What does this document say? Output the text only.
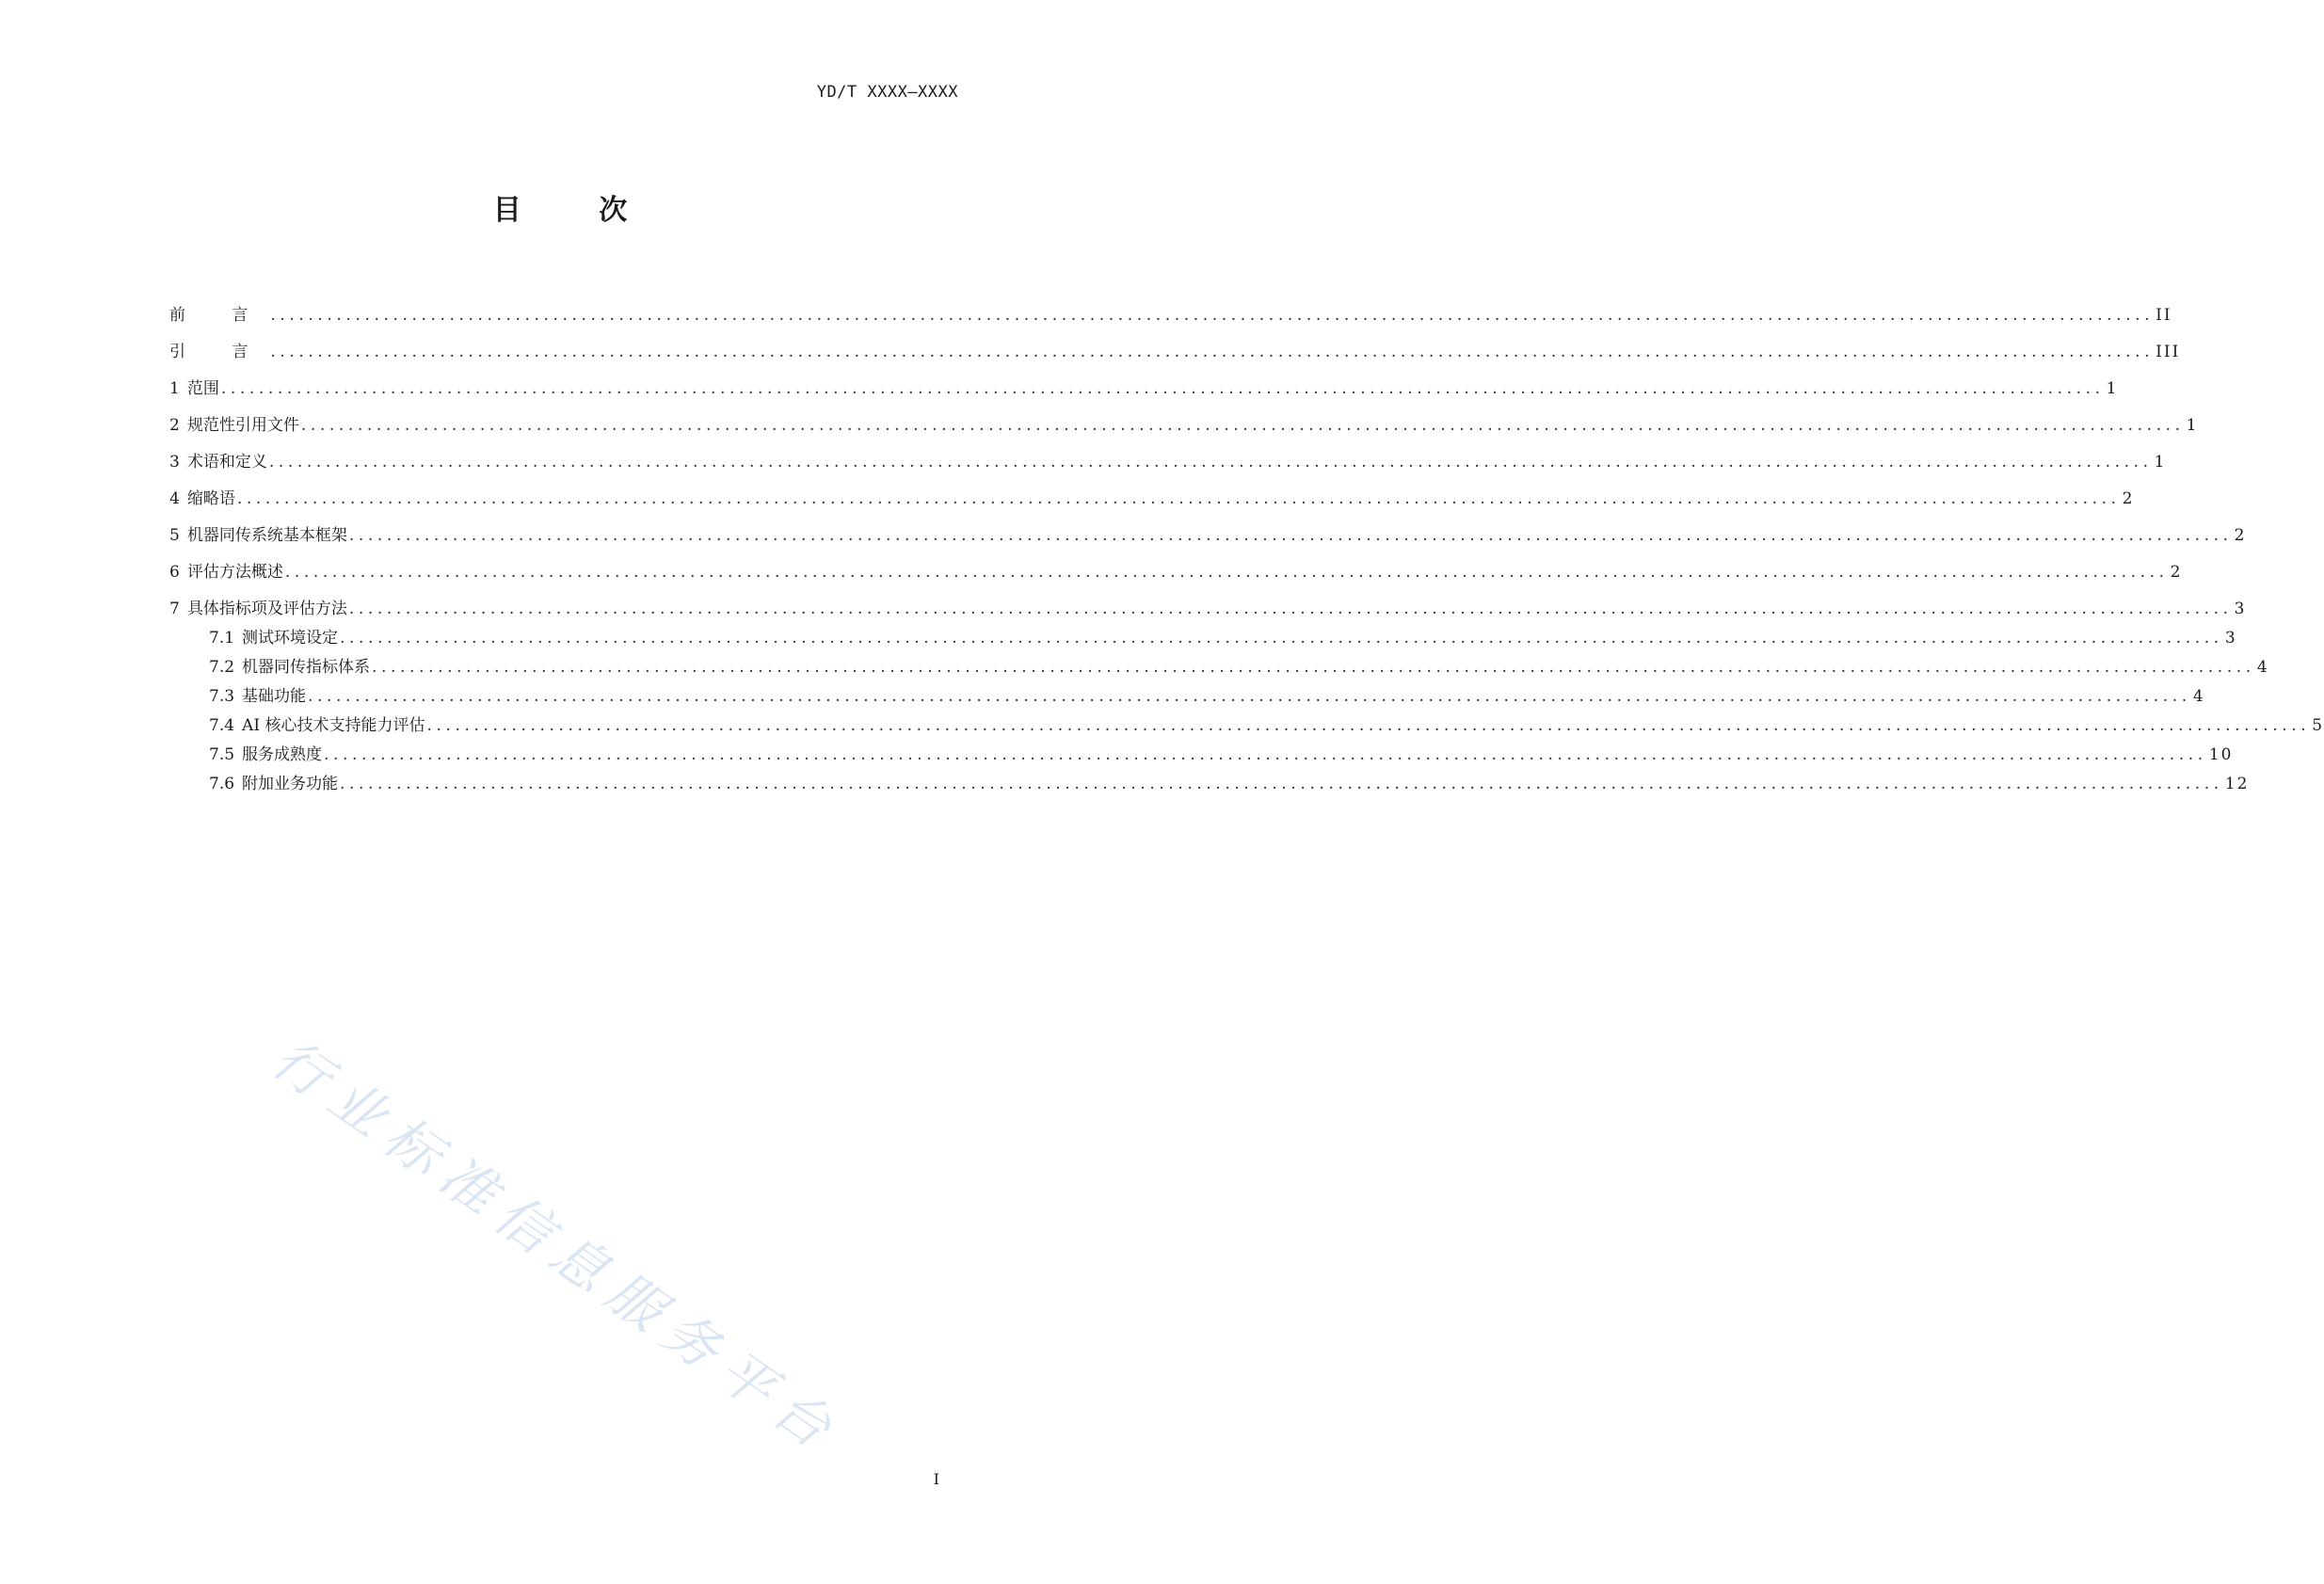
YD/T XXXX—XXXX
目 次
前 言 ........................................................................................................................................................................................................ II
引 言 ........................................................................................................................................................................................................ III
1 范围 ........................................................................................................................................................................................................ 1
2 规范性引用文件 ........................................................................................................................................................................................................ 1
3 术语和定义 ........................................................................................................................................................................................................ 1
4 缩略语 ........................................................................................................................................................................................................ 2
5 机器同传系统基本框架 ........................................................................................................................................................................................................ 2
6 评估方法概述 ........................................................................................................................................................................................................ 2
7 具体指标项及评估方法 ........................................................................................................................................................................................................ 3
7.1 测试环境设定 ........................................................................................................................................................................................................ 3
7.2 机器同传指标体系 ........................................................................................................................................................................................................ 4
7.3 基础功能 ........................................................................................................................................................................................................ 4
7.4 AI 核心技术支持能力评估 ........................................................................................................................................................................................................ 5
7.5 服务成熟度 ........................................................................................................................................................................................................ 10
7.6 附加业务功能 ........................................................................................................................................................................................................ 12
行业标准信息服务平台
I
